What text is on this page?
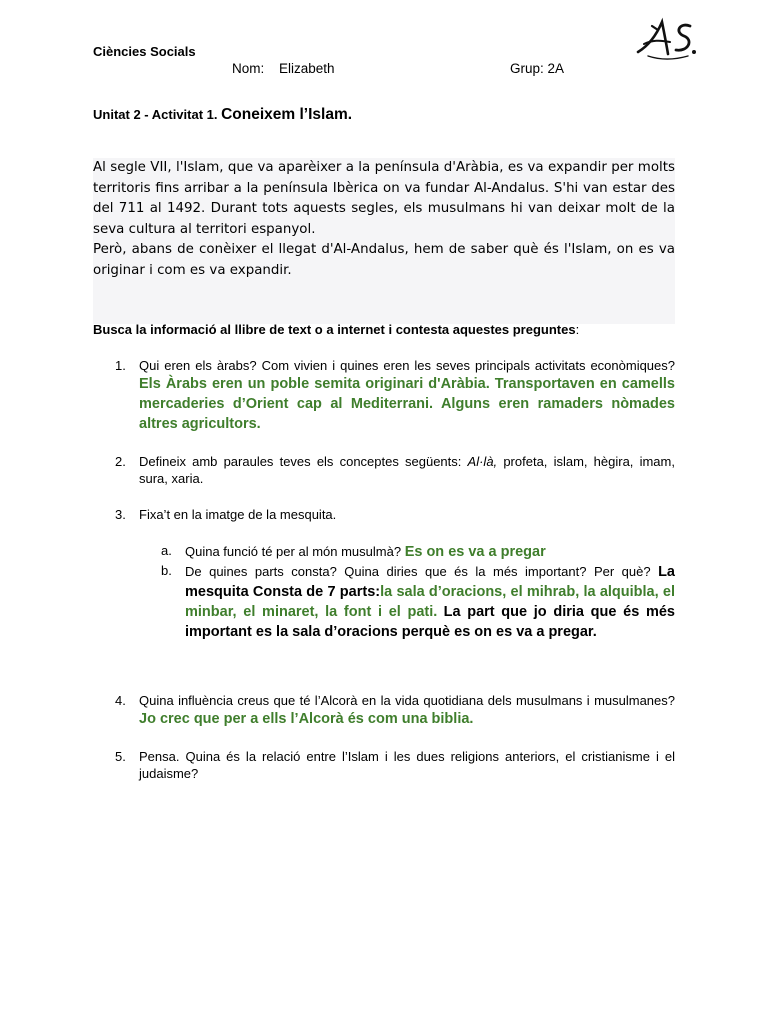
Ciències Socials
Nom: Elizabeth	Grup: 2A
Unitat 2 - Activitat 1. Coneixem l’Islam.

Al segle VII, l'Islam, que va aparèixer a la península d'Aràbia, es va expandir per molts territoris fins arribar a la península Ibèrica on va fundar Al-Andalus. S'hi van estar des del 711 al 1492. Durant tots aquests segles, els musulmans hi van deixar molt de la seva cultura al territori espanyol.

Però, abans de conèixer el llegat d'Al-Andalus, hem de saber què és l'Islam, on es va originar i com es va expandir.

Busca la informació al llibre de text o a internet i contesta aquestes preguntes:
1. Qui eren els àrabs? Com vivien i quines eren les seves principals activitats econòmiques? Els Àrabs eren un poble semita originari d'Aràbia. Transportaven en camells mercaderies d’Orient cap al Mediterrani. Alguns eren ramaders nòmades altres agricultors.
2. Defineix amb paraules teves els conceptes següents: Al·là, profeta, islam, hègira, imam, sura, xaria.
3. Fixa’t en la imatge de la mesquita.
a. Quina funció té per al món musulmà? Es on es va a pregar
b. De quines parts consta? Quina diries que és la més important? Per què? La mesquita Consta de 7 parts:la sala d’oracions, el mihrab, la alquibla, el minbar, el minaret, la font i el pati. La part que jo diria que és més important es la sala d’oracions perquè es on es va a pregar.
4. Quina influència creus que té l’Alcorà en la vida quotidiana dels musulmans i musulmanes? Jo crec que per a ells l’Alcorà és com una biblia.
5. Pensa. Quina és la relació entre l’Islam i les dues religions anteriors, el cristianisme i el judaisme?
